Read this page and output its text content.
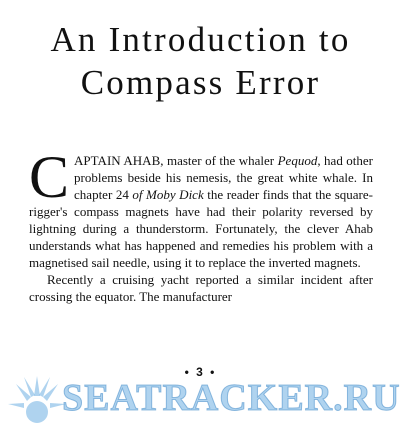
An Introduction to
Compass Error

CAPTAIN AHAB, master of the whaler Pequod, had other problems beside his nemesis, the great white whale. In chapter 24 of Moby Dick the reader finds that the square-rigger's compass magnets have had their polarity reversed by lightning during a thunderstorm. Fortunately, the clever Ahab understands what has happened and remedies his problem with a magnetised sail needle, using it to replace the inverted magnets.

Recently a cruising yacht reported a similar incident after crossing the equator. The manufacturer

• 3 •
SEATRACKER.RU
